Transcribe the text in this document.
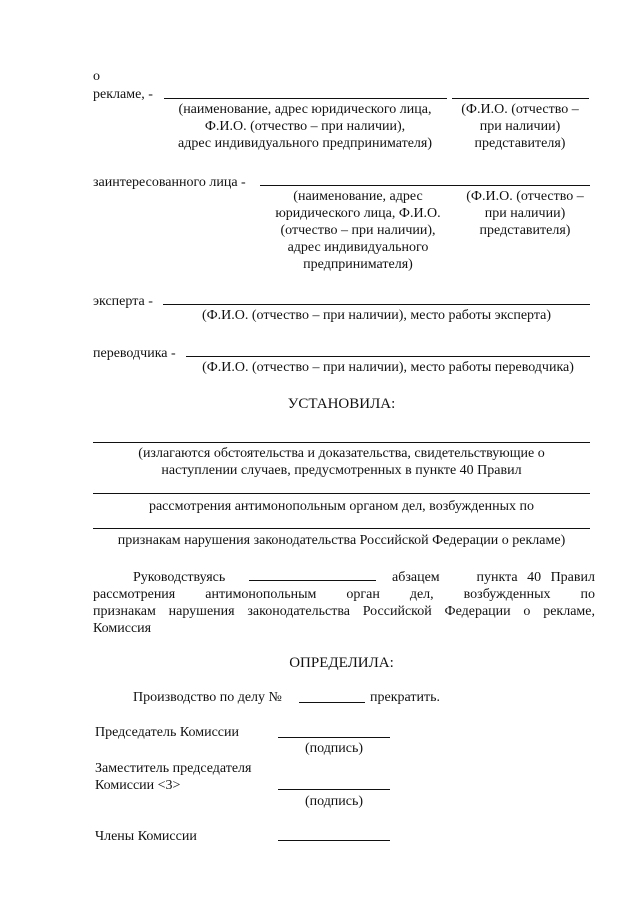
о
рекламе, -
(наименование, адрес юридического лица,
Ф.И.О. (отчество – при наличии),
адрес индивидуального предпринимателя)
(Ф.И.О. (отчество –
при наличии)
представителя)
заинтересованного лица -
(наименование, адрес
юридического лица, Ф.И.О.
(отчество – при наличии),
адрес индивидуального
предпринимателя)
(Ф.И.О. (отчество –
при наличии)
представителя)
эксперта -
(Ф.И.О. (отчество – при наличии), место работы эксперта)
переводчика -
(Ф.И.О. (отчество – при наличии), место работы переводчика)
УСТАНОВИЛА:
(излагаются обстоятельства и доказательства, свидетельствующие о
наступлении случаев, предусмотренных в пункте 40 Правил
рассмотрения антимонопольным органом дел, возбужденных по
признакам нарушения законодательства Российской Федерации о рекламе)
Руководствуясь	абзацем	пункта 40 Правил
рассмотрения антимонопольным орган дел, возбужденных по
признакам нарушения законодательства Российской Федерации о рекламе,
Комиссия
ОПРЕДЕЛИЛА:
Производство по делу №	прекратить.
Председатель Комиссии
(подпись)
Заместитель председателя
Комиссии <3>
(подпись)
Члены Комиссии
